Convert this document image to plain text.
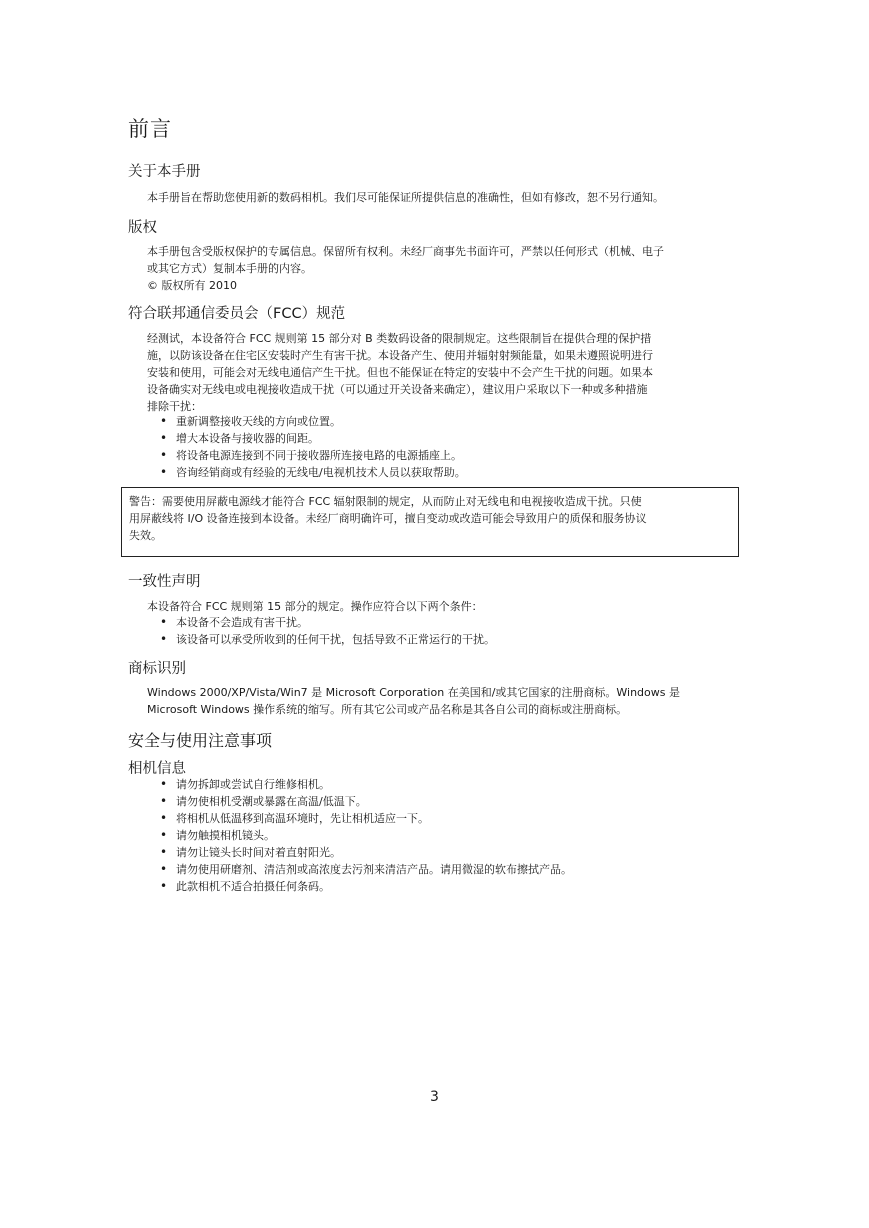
前言
关于本手册

本手册旨在帮助您使用新的数码相机。我们尽可能保证所提供信息的准确性，但如有修改，恕不另行通知。

版权

本手册包含受版权保护的专属信息。保留所有权利。未经厂商事先书面许可，严禁以任何形式（机械、电子
或其它方式）复制本手册的内容。
© 版权所有 2010

符合联邦通信委员会（FCC）规范

经测试，本设备符合 FCC 规则第 15 部分对 B 类数码设备的限制规定。这些限制旨在提供合理的保护措
施，以防该设备在住宅区安装时产生有害干扰。本设备产生、使用并辐射射频能量，如果未遵照说明进行
安装和使用，可能会对无线电通信产生干扰。但也不能保证在特定的安装中不会产生干扰的问题。如果本
设备确实对无线电或电视接收造成干扰（可以通过开关设备来确定），建议用户采取以下一种或多种措施
排除干扰：

• 重新调整接收天线的方向或位置。
• 增大本设备与接收器的间距。
• 将设备电源连接到不同于接收器所连接电路的电源插座上。
• 咨询经销商或有经验的无线电/电视机技术人员以获取帮助。
警告：需要使用屏蔽电源线才能符合 FCC 辐射限制的规定，从而防止对无线电和电视接收造成干扰。只使
用屏蔽线将 I/O 设备连接到本设备。未经厂商明确许可，擅自变动或改造可能会导致用户的质保和服务协议
失效。
一致性声明

本设备符合 FCC 规则第 15 部分的规定。操作应符合以下两个条件：

• 本设备不会造成有害干扰。
• 该设备可以承受所收到的任何干扰，包括导致不正常运行的干扰。
商标识别

Windows 2000/XP/Vista/Win7 是 Microsoft Corporation 在美国和/或其它国家的注册商标。Windows 是
Microsoft Windows 操作系统的缩写。所有其它公司或产品名称是其各自公司的商标或注册商标。

安全与使用注意事项
相机信息
• 请勿拆卸或尝试自行维修相机。
• 请勿使相机受潮或暴露在高温/低温下。
• 将相机从低温移到高温环境时，先让相机适应一下。
• 请勿触摸相机镜头。
• 请勿让镜头长时间对着直射阳光。
• 请勿使用研磨剂、清洁剂或高浓度去污剂来清洁产品。请用微湿的软布擦拭产品。
• 此款相机不适合拍摄任何条码。
3
